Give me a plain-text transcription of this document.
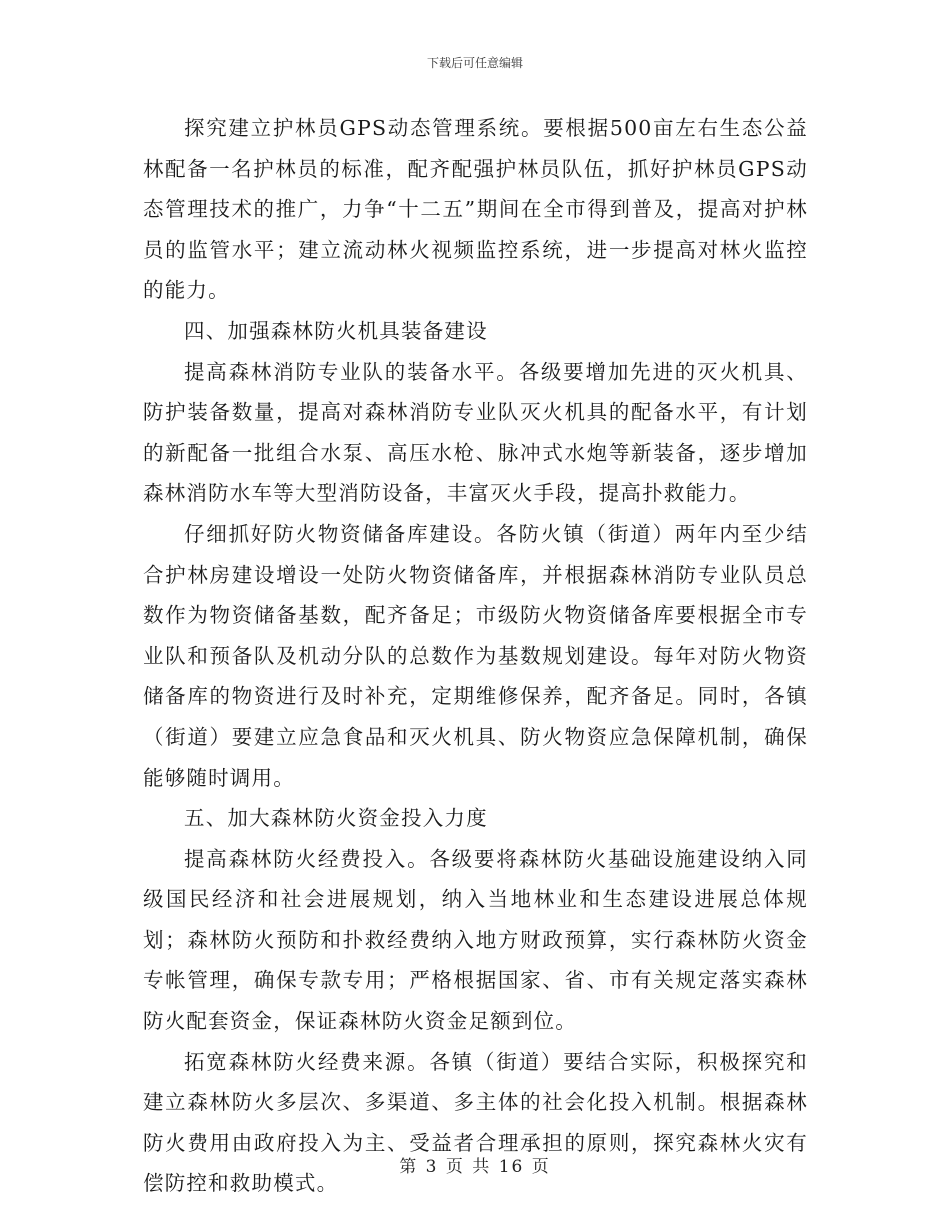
下载后可任意编辑

探究建立护林员GPS动态管理系统。要根据500亩左右生态公益林配备一名护林员的标准，配齐配强护林员队伍，抓好护林员GPS动态管理技术的推广，力争“十二五”期间在全市得到普及，提高对护林员的监管水平；建立流动林火视频监控系统，进一步提高对林火监控的能力。

四、加强森林防火机具装备建设

提高森林消防专业队的装备水平。各级要增加先进的灭火机具、防护装备数量，提高对森林消防专业队灭火机具的配备水平，有计划的新配备一批组合水泵、高压水枪、脉冲式水炮等新装备，逐步增加森林消防水车等大型消防设备，丰富灭火手段，提高扑救能力。

仔细抓好防火物资储备库建设。各防火镇（街道）两年内至少结合护林房建设增设一处防火物资储备库，并根据森林消防专业队员总数作为物资储备基数，配齐备足；市级防火物资储备库要根据全市专业队和预备队及机动分队的总数作为基数规划建设。每年对防火物资储备库的物资进行及时补充，定期维修保养，配齐备足。同时，各镇（街道）要建立应急食品和灭火机具、防火物资应急保障机制，确保能够随时调用。

五、加大森林防火资金投入力度

提高森林防火经费投入。各级要将森林防火基础设施建设纳入同级国民经济和社会进展规划，纳入当地林业和生态建设进展总体规划；森林防火预防和扑救经费纳入地方财政预算，实行森林防火资金专帐管理，确保专款专用；严格根据国家、省、市有关规定落实森林防火配套资金，保证森林防火资金足额到位。

拓宽森林防火经费来源。各镇（街道）要结合实际，积极探究和建立森林防火多层次、多渠道、多主体的社会化投入机制。根据森林防火费用由政府投入为主、受益者合理承担的原则，探究森林火灾有偿防控和救助模式。

第 3 页 共 16 页
